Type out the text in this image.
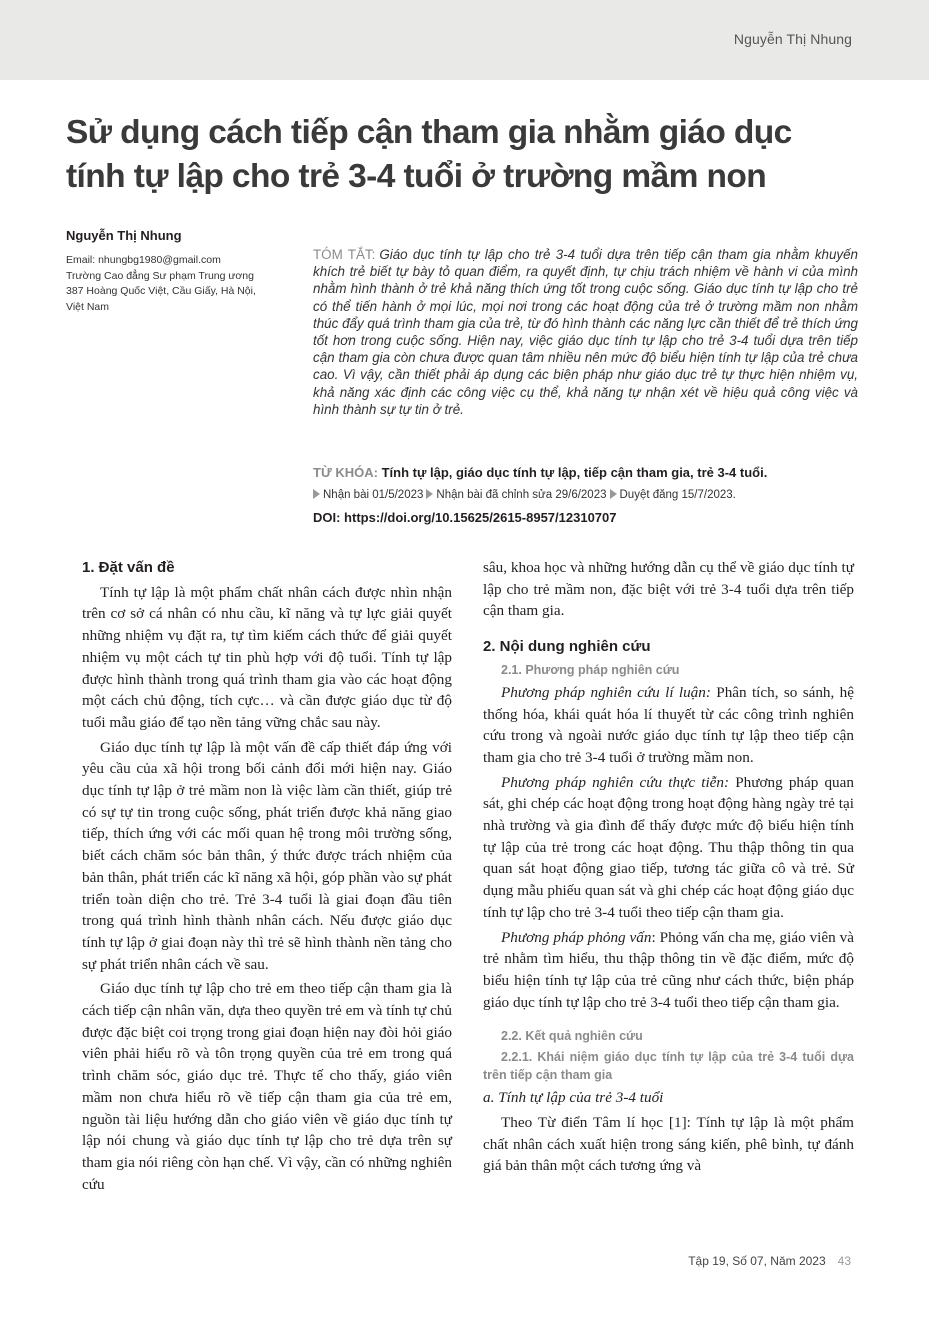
Nguyễn Thị Nhung
Sử dụng cách tiếp cận tham gia nhằm giáo dục
tính tự lập cho trẻ 3-4 tuổi ở trường mầm non
Nguyễn Thị Nhung
Email: nhungbg1980@gmail.com
Trường Cao đẳng Sư phạm Trung ương
387 Hoàng Quốc Việt, Cầu Giấy, Hà Nội,
Việt Nam
TÓM TẮT: Giáo dục tính tự lập cho trẻ 3-4 tuổi dựa trên tiếp cận tham gia nhằm khuyến khích trẻ biết tự bày tỏ quan điểm, ra quyết định, tự chịu trách nhiệm về hành vi của mình nhằm hình thành ở trẻ khả năng thích ứng tốt trong cuộc sống. Giáo dục tính tự lập cho trẻ có thể tiến hành ở mọi lúc, mọi nơi trong các hoạt động của trẻ ở trường mầm non nhằm thúc đẩy quá trình tham gia của trẻ, từ đó hình thành các năng lực cần thiết để trẻ thích ứng tốt hơn trong cuộc sống. Hiện nay, việc giáo dục tính tự lập cho trẻ 3-4 tuổi dựa trên tiếp cận tham gia còn chưa được quan tâm nhiều nên mức độ biểu hiện tính tự lập của trẻ chưa cao. Vì vậy, cần thiết phải áp dụng các biện pháp như giáo dục trẻ tự thực hiện nhiệm vụ, khả năng xác định các công việc cụ thể, khả năng tự nhận xét về hiệu quả công việc và hình thành sự tự tin ở trẻ.
TỪ KHÓA: Tính tự lập, giáo dục tính tự lập, tiếp cận tham gia, trẻ 3-4 tuổi.
Nhận bài 01/5/2023 Nhận bài đã chỉnh sửa 29/6/2023 Duyệt đăng 15/7/2023.
DOI: https://doi.org/10.15625/2615-8957/12310707

1. Đặt vấn đề

Tính tự lập là một phẩm chất nhân cách được nhìn nhận trên cơ sở cá nhân có nhu cầu, kĩ năng và tự lực giải quyết những nhiệm vụ đặt ra, tự tìm kiếm cách thức để giải quyết nhiệm vụ một cách tự tin phù hợp với độ tuổi. Tính tự lập được hình thành trong quá trình tham gia vào các hoạt động một cách chủ động, tích cực… và cần được giáo dục từ độ tuổi mẫu giáo để tạo nền tảng vững chắc sau này.

Giáo dục tính tự lập là một vấn đề cấp thiết đáp ứng với yêu cầu của xã hội trong bối cảnh đổi mới hiện nay. Giáo dục tính tự lập ở trẻ mầm non là việc làm cần thiết, giúp trẻ có sự tự tin trong cuộc sống, phát triển được khả năng giao tiếp, thích ứng với các mối quan hệ trong môi trường sống, biết cách chăm sóc bản thân, ý thức được trách nhiệm của bản thân, phát triển các kĩ năng xã hội, góp phần vào sự phát triển toàn diện cho trẻ. Trẻ 3-4 tuổi là giai đoạn đầu tiên trong quá trình hình thành nhân cách. Nếu được giáo dục tính tự lập ở giai đoạn này thì trẻ sẽ hình thành nền tảng cho sự phát triển nhân cách về sau.

Giáo dục tính tự lập cho trẻ em theo tiếp cận tham gia là cách tiếp cận nhân văn, dựa theo quyền trẻ em và tính tự chủ được đặc biệt coi trọng trong giai đoạn hiện nay đòi hỏi giáo viên phải hiểu rõ và tôn trọng quyền của trẻ em trong quá trình chăm sóc, giáo dục trẻ. Thực tế cho thấy, giáo viên mầm non chưa hiểu rõ về tiếp cận tham gia của trẻ em, nguồn tài liệu hướng dẫn cho giáo viên về giáo dục tính tự lập nói chung và giáo dục tính tự lập cho trẻ dựa trên sự tham gia nói riêng còn hạn chế. Vì vậy, cần có những nghiên cứu

sâu, khoa học và những hướng dẫn cụ thể về giáo dục tính tự lập cho trẻ mầm non, đặc biệt với trẻ 3-4 tuổi dựa trên tiếp cận tham gia.

2. Nội dung nghiên cứu

2.1. Phương pháp nghiên cứu

Phương pháp nghiên cứu lí luận: Phân tích, so sánh, hệ thống hóa, khái quát hóa lí thuyết từ các công trình nghiên cứu trong và ngoài nước giáo dục tính tự lập theo tiếp cận tham gia cho trẻ 3-4 tuổi ở trường mầm non.

Phương pháp nghiên cứu thực tiễn: Phương pháp quan sát, ghi chép các hoạt động trong hoạt động hàng ngày trẻ tại nhà trường và gia đình để thấy được mức độ biểu hiện tính tự lập của trẻ trong các hoạt động. Thu thập thông tin qua quan sát hoạt động giao tiếp, tương tác giữa cô và trẻ. Sử dụng mẫu phiếu quan sát và ghi chép các hoạt động giáo dục tính tự lập cho trẻ 3-4 tuổi theo tiếp cận tham gia.

Phương pháp phỏng vấn: Phỏng vấn cha mẹ, giáo viên và trẻ nhằm tìm hiểu, thu thập thông tin về đặc điểm, mức độ biểu hiện tính tự lập của trẻ cũng như cách thức, biện pháp giáo dục tính tự lập cho trẻ 3-4 tuổi theo tiếp cận tham gia.

2.2. Kết quả nghiên cứu

2.2.1. Khái niệm giáo dục tính tự lập của trẻ 3-4 tuổi dựa trên tiếp cận tham gia

a. Tính tự lập của trẻ 3-4 tuổi

Theo Từ điển Tâm lí học [1]: Tính tự lập là một phẩm chất nhân cách xuất hiện trong sáng kiến, phê bình, tự đánh giá bản thân một cách tương ứng và

Tập 19, Số 07, Năm 2023 43
